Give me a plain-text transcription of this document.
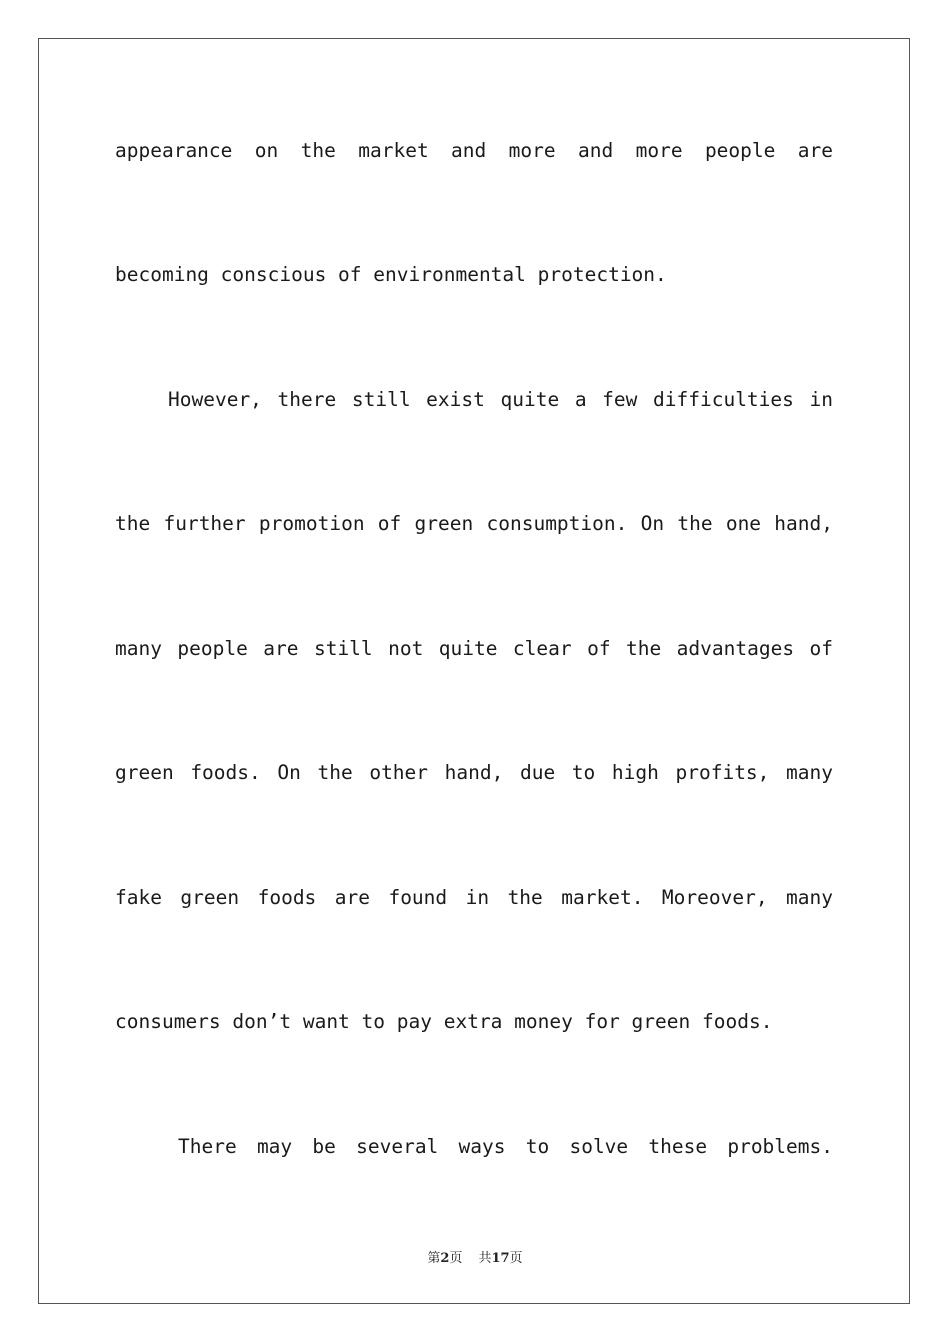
appearance on the market and more and more people are
becoming conscious of environmental protection.
However, there still exist quite a few difficulties in
the further promotion of green consumption. On the one hand,
many people are still not quite clear of the advantages of
green foods. On the other hand, due to high profits, many
fake green foods are found in the market. Moreover, many
consumers don’t want to pay extra money for green foods.
There may be several ways to solve these problems.
第2页 共17页
